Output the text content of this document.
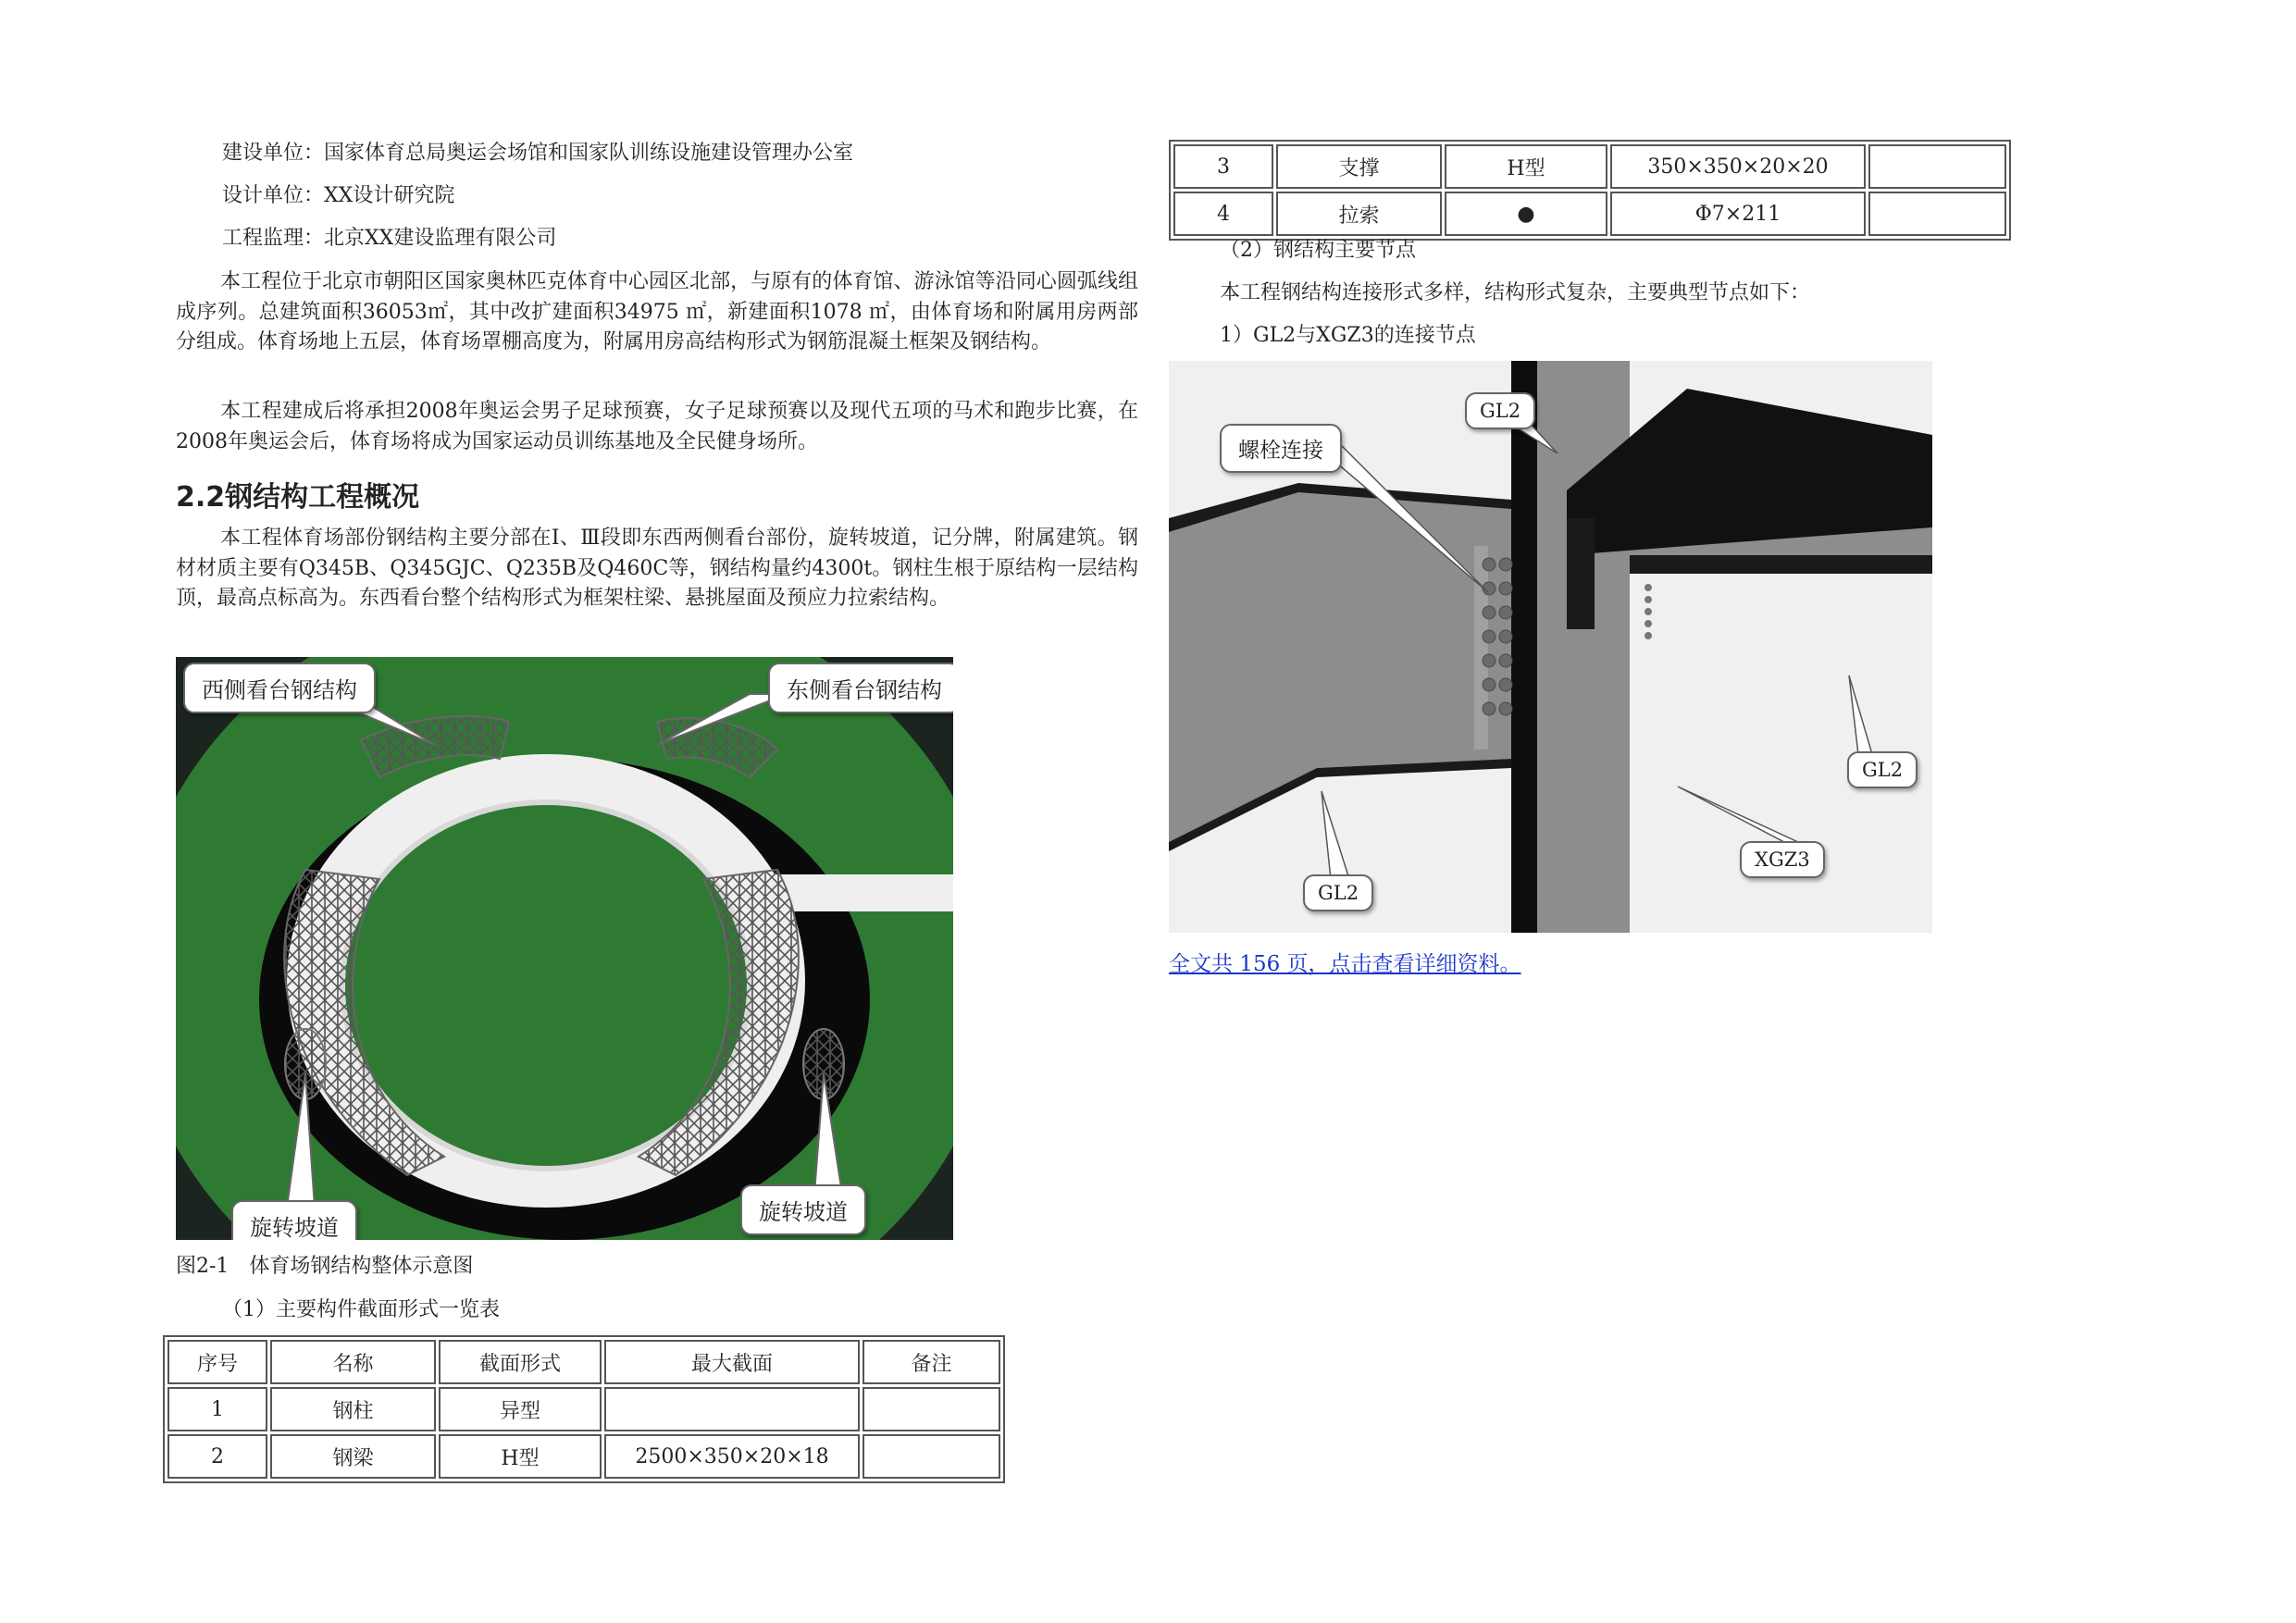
建设单位：国家体育总局奥运会场馆和国家队训练设施建设管理办公室
设计单位：XX设计研究院
工程监理：北京XX建设监理有限公司
本工程位于北京市朝阳区国家奥林匹克体育中心园区北部，与原有的体育馆、游泳馆等沿同心圆弧线组成序列。总建筑面积36053㎡，其中改扩建面积34975 ㎡，新建面积1078 ㎡，由体育场和附属用房两部分组成。体育场地上五层，体育场罩棚高度为，附属用房高结构形式为钢筋混凝土框架及钢结构。
本工程建成后将承担2008年奥运会男子足球预赛，女子足球预赛以及现代五项的马术和跑步比赛，在2008年奥运会后，体育场将成为国家运动员训练基地及全民健身场所。
2.2钢结构工程概况
本工程体育场部份钢结构主要分部在Ⅰ、Ⅲ段即东西两侧看台部份，旋转坡道，记分牌，附属建筑。钢材材质主要有Q345B、Q345GJC、Q235B及Q460C等，钢结构量约4300t。钢柱生根于原结构一层结构顶，最高点标高为。东西看台整个结构形式为框架柱梁、悬挑屋面及预应力拉索结构。
西侧看台钢结构	东侧看台钢结构
旋转坡道
旋转坡道
图2-1　体育场钢结构整体示意图
（1）主要构件截面形式一览表
序号	名称	截面形式	最大截面	备注
1	钢柱	异型		
2	钢梁	H型	2500×350×20×18	
3	支撑	H型	350×350×20×20	
4	拉索	●	Φ7×211	
（2）钢结构主要节点
本工程钢结构连接形式多样，结构形式复杂，主要典型节点如下：
1）GL2与XGZ3的连接节点
螺栓连接
GL2
GL2
XGZ3
GL2
全文共 156 页，点击查看详细资料。
